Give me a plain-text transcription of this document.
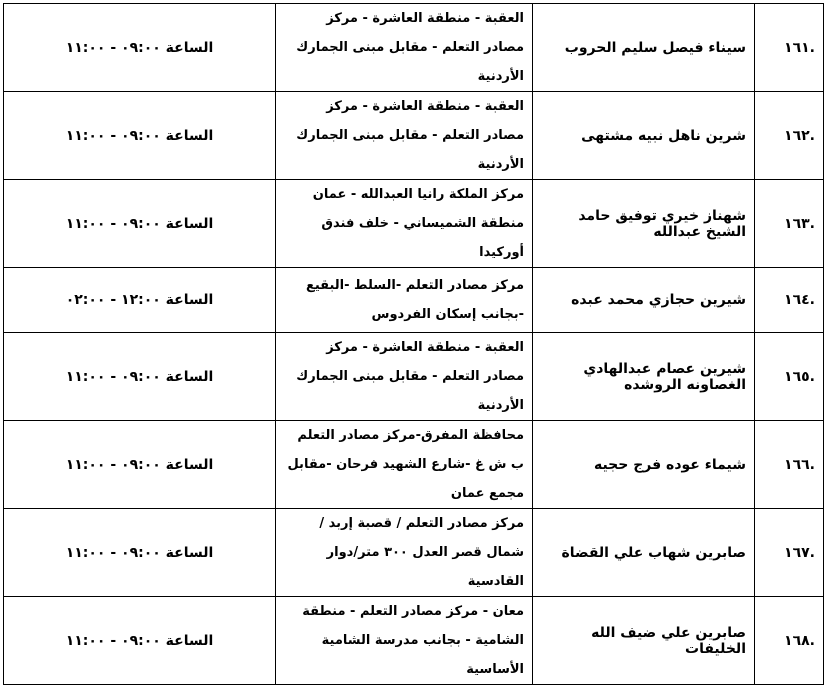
.١٦١	سيناء فيصل سليم الحروب	العقبة - منطقة العاشرة - مركز مصادر التعلم - مقابل مبنى الجمارك الأردنية	الساعة ٠٩:٠٠ - ١١:٠٠
.١٦٢	شرين ناهل نبيه مشتهى	العقبة - منطقة العاشرة - مركز مصادر التعلم - مقابل مبنى الجمارك الأردنية	الساعة ٠٩:٠٠ - ١١:٠٠
.١٦٣	شهناز خيري توفيق حامد الشيخ عبدالله	مركز الملكة رانيا العبدالله - عمان منطقة الشميساني - خلف فندق أوركيدا	الساعة ٠٩:٠٠ - ١١:٠٠
.١٦٤	شيرين حجازي محمد عبده	مركز مصادر التعلم -السلط -البقيع -بجانب إسكان الفردوس	الساعة ١٢:٠٠ - ٠٢:٠٠
.١٦٥	شيرين عصام عبدالهادي الغصاونه الروشده	العقبة - منطقة العاشرة - مركز مصادر التعلم - مقابل مبنى الجمارك الأردنية	الساعة ٠٩:٠٠ - ١١:٠٠
.١٦٦	شيماء عوده فرج حجيه	محافظة المفرق-مركز مصادر التعلم ب ش غ -شارع الشهيد فرحان -مقابل مجمع عمان	الساعة ٠٩:٠٠ - ١١:٠٠
.١٦٧	صابرين شهاب علي القضاة	مركز مصادر التعلم / قصبة إربد / شمال قصر العدل ٣٠٠ متر/دوار القادسية	الساعة ٠٩:٠٠ - ١١:٠٠
.١٦٨	صابرين علي ضيف الله الخليفات	معان - مركز مصادر التعلم - منطقة الشامية - بجانب مدرسة الشامية الأساسية	الساعة ٠٩:٠٠ - ١١:٠٠
